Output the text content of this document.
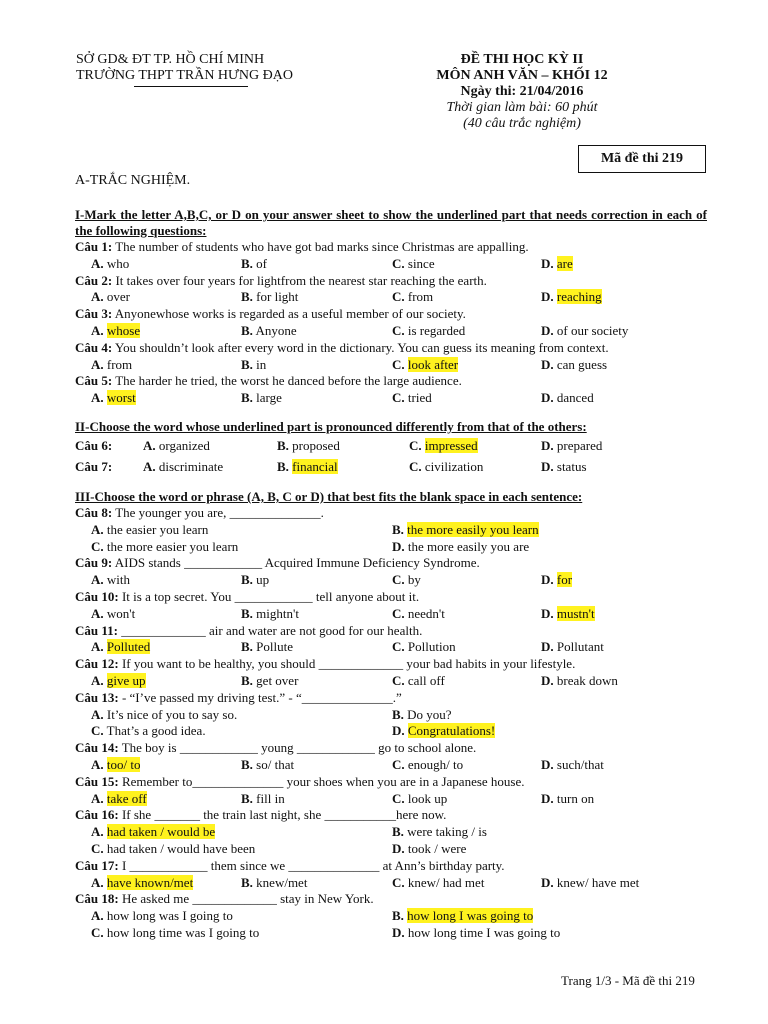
SỞ GD& ĐT TP. HỒ CHÍ MINH
TRƯỜNG THPT TRẦN HƯNG ĐẠO
ĐỀ THI HỌC KỲ II
MÔN ANH VĂN – KHỐI 12
Ngày thi: 21/04/2016
Thời gian làm bài: 60 phút
(40 câu trắc nghiệm)
Mã đề thi 219
A-TRẮC NGHIỆM.
I-Mark the letter A,B,C, or D on your answer sheet to show the underlined part that needs correction in each of the following questions:
Câu 1: The number of students who have got bad marks since Christmas are appalling.
A. who	B. of	C. since	D. are
Câu 2: It takes over four years for lightfrom the nearest star reaching the earth.
A. over	B. for light	C. from	D. reaching
Câu 3: Anyonewhose works is regarded as a useful member of our society.
A. whose	B. Anyone	C. is regarded	D. of our society
Câu 4: You shouldn’t look after every word in the dictionary. You can guess its meaning from context.
A. from	B. in	C. look after	D. can guess
Câu 5: The harder he tried, the worst he danced before the large audience.
A. worst	B. large	C. tried	D. danced
II-Choose the word whose underlined part is pronounced differently from that of the others:
Câu 6: A. organized	B. proposed	C. impressed	D. prepared
Câu 7: A. discriminate	B. financial	C. civilization	D. status
III-Choose the word or phrase (A, B, C or D) that best fits the blank space in each sentence:
Câu 8: The younger you are, ______________.
A. the easier you learn	B. the more easily you learn
C. the more easier you learn	D. the more easily you are
Câu 9: AIDS stands ____________ Acquired Immune Deficiency Syndrome.
A. with	B. up	C. by	D. for
Câu 10: It is a top secret. You ____________ tell anyone about it.
A. won't	B. mightn't	C. needn't	D. mustn't
Câu 11: _____________ air and water are not good for our health.
A. Polluted	B. Pollute	C. Pollution	D. Pollutant
Câu 12: If you want to be healthy, you should _____________ your bad habits in your lifestyle.
A. give up	B. get over	C. call off	D. break down
Câu 13: - “I’ve passed my driving test.” - “______________.”
A. It’s nice of you to say so.	B. Do you?
C. That’s a good idea.	D. Congratulations!
Câu 14: The boy is ____________ young ____________ go to school alone.
A. too/ to	B. so/ that	C. enough/ to	D. such/that
Câu 15: Remember to______________ your shoes when you are in a Japanese house.
A. take off	B. fill in	C. look up	D. turn on
Câu 16: If she _______ the train last night, she ___________here now.
A. had taken / would be	B. were taking / is
C. had taken / would have been	D. took / were
Câu 17: I ____________ them since we ______________ at Ann’s birthday party.
A. have known/met	B. knew/met	C. knew/ had met	D. knew/ have met
Câu 18: He asked me _____________ stay in New York.
A. how long was I going to	B. how long I was going to
C. how long time was I going to	D. how long time I was going to
Trang 1/3 - Mã đề thi 219
